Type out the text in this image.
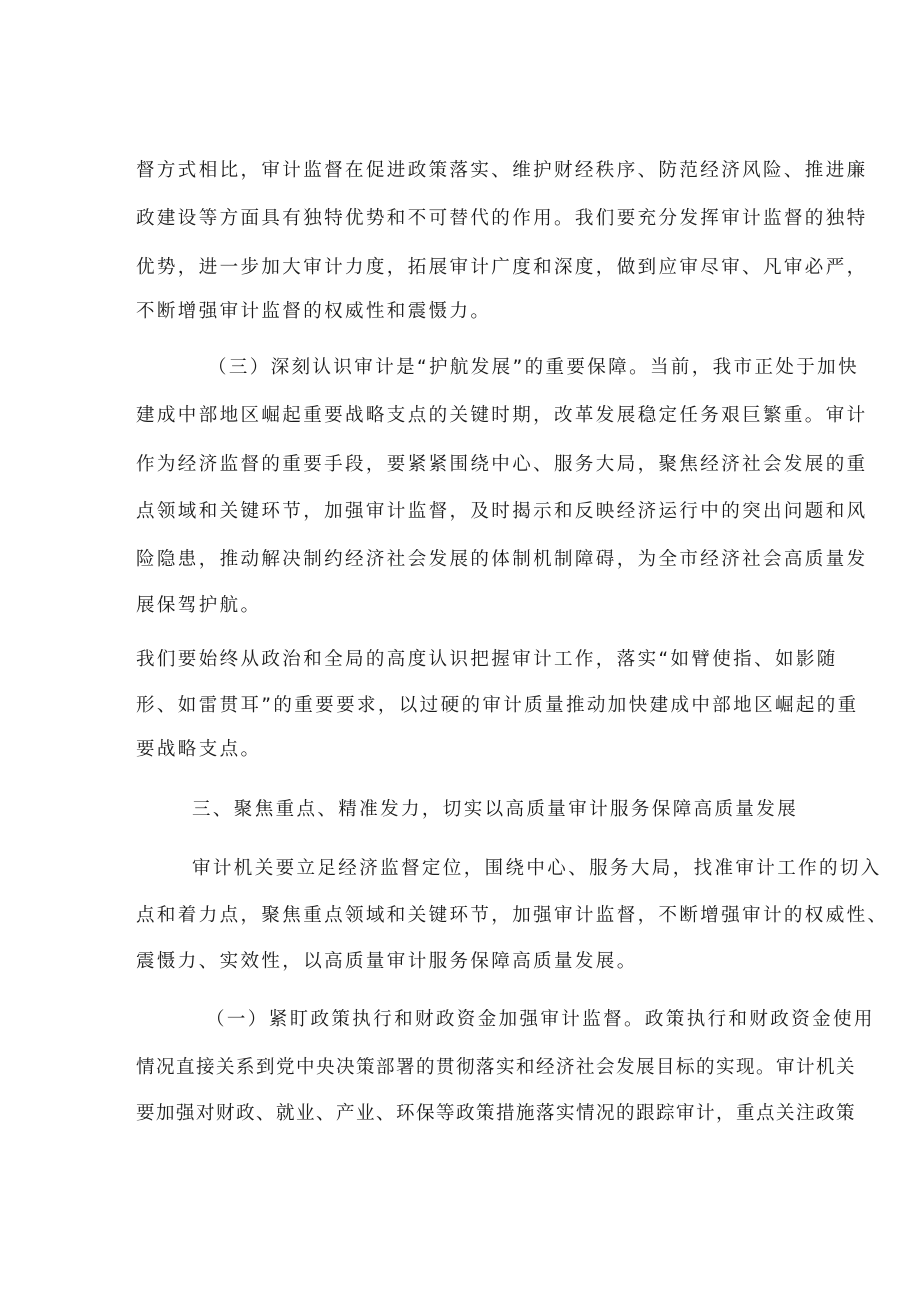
督方式相比，审计监督在促进政策落实、维护财经秩序、防范经济风险、推进廉

政建设等方面具有独特优势和不可替代的作用。我们要充分发挥审计监督的独特

优势，进一步加大审计力度，拓展审计广度和深度，做到应审尽审、凡审必严，

不断增强审计监督的权威性和震慑力。

（三）深刻认识审计是“护航发展”的重要保障。当前，我市正处于加快

建成中部地区崛起重要战略支点的关键时期，改革发展稳定任务艰巨繁重。审计

作为经济监督的重要手段，要紧紧围绕中心、服务大局，聚焦经济社会发展的重

点领域和关键环节，加强审计监督，及时揭示和反映经济运行中的突出问题和风

险隐患，推动解决制约经济社会发展的体制机制障碍，为全市经济社会高质量发

展保驾护航。

我们要始终从政治和全局的高度认识把握审计工作，落实“如臂使指、如影随

形、如雷贯耳”的重要要求，以过硬的审计质量推动加快建成中部地区崛起的重

要战略支点。

三、聚焦重点、精准发力，切实以高质量审计服务保障高质量发展

审计机关要立足经济监督定位，围绕中心、服务大局，找准审计工作的切入

点和着力点，聚焦重点领域和关键环节，加强审计监督，不断增强审计的权威性、

震慑力、实效性，以高质量审计服务保障高质量发展。

（一）紧盯政策执行和财政资金加强审计监督。政策执行和财政资金使用

情况直接关系到党中央决策部署的贯彻落实和经济社会发展目标的实现。审计机关

要加强对财政、就业、产业、环保等政策措施落实情况的跟踪审计，重点关注政策
